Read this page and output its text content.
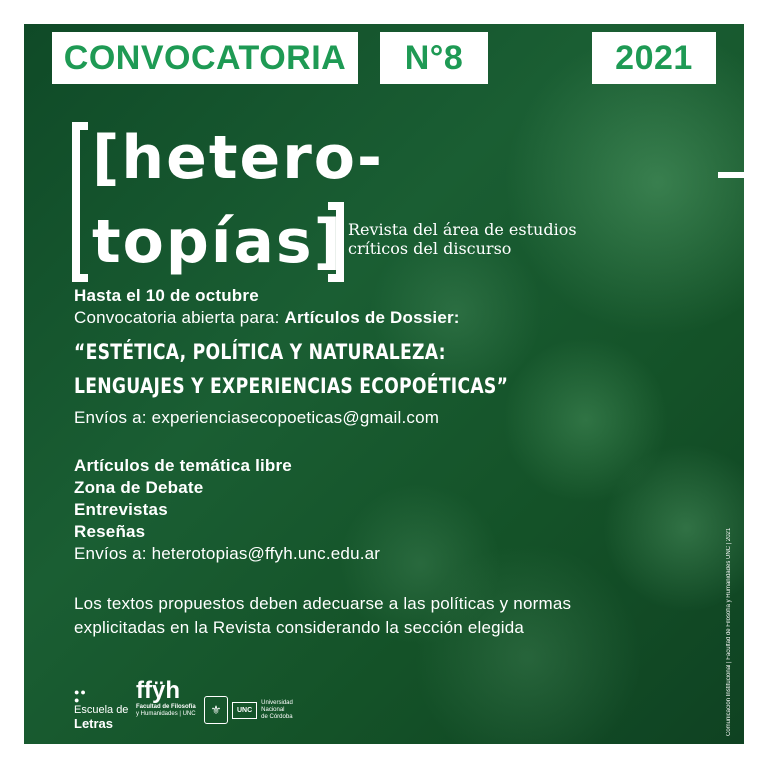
CONVOCATORIA N°8	2021
[hetero-
topías] Revista del área de estudios
críticos del discurso
Hasta el 10 de octubre
Convocatoria abierta para: Artículos de Dossier:
“ESTÉTICA, POLÍTICA Y NATURALEZA:
LENGUAJES Y EXPERIENCIAS ECOPOÉTICAS”
Envíos a: experienciasecopoeticas@gmail.com
Artículos de temática libre
Zona de Debate
Entrevistas
Reseñas
Envíos a: heterotopias@ffyh.unc.edu.ar
Los textos propuestos deben adecuarse a las políticas y normas
explicitadas en la Revista considerando la sección elegida
●●
●
Escuela de
Letras
ffÿh
Facultad de Filosofía
y Humanidades | UNC	⚜	UNC
Universidad
Nacional
de Córdoba	Comunicación Institucional | Facultad de Filosofía y Humanidades UNC | 2021
